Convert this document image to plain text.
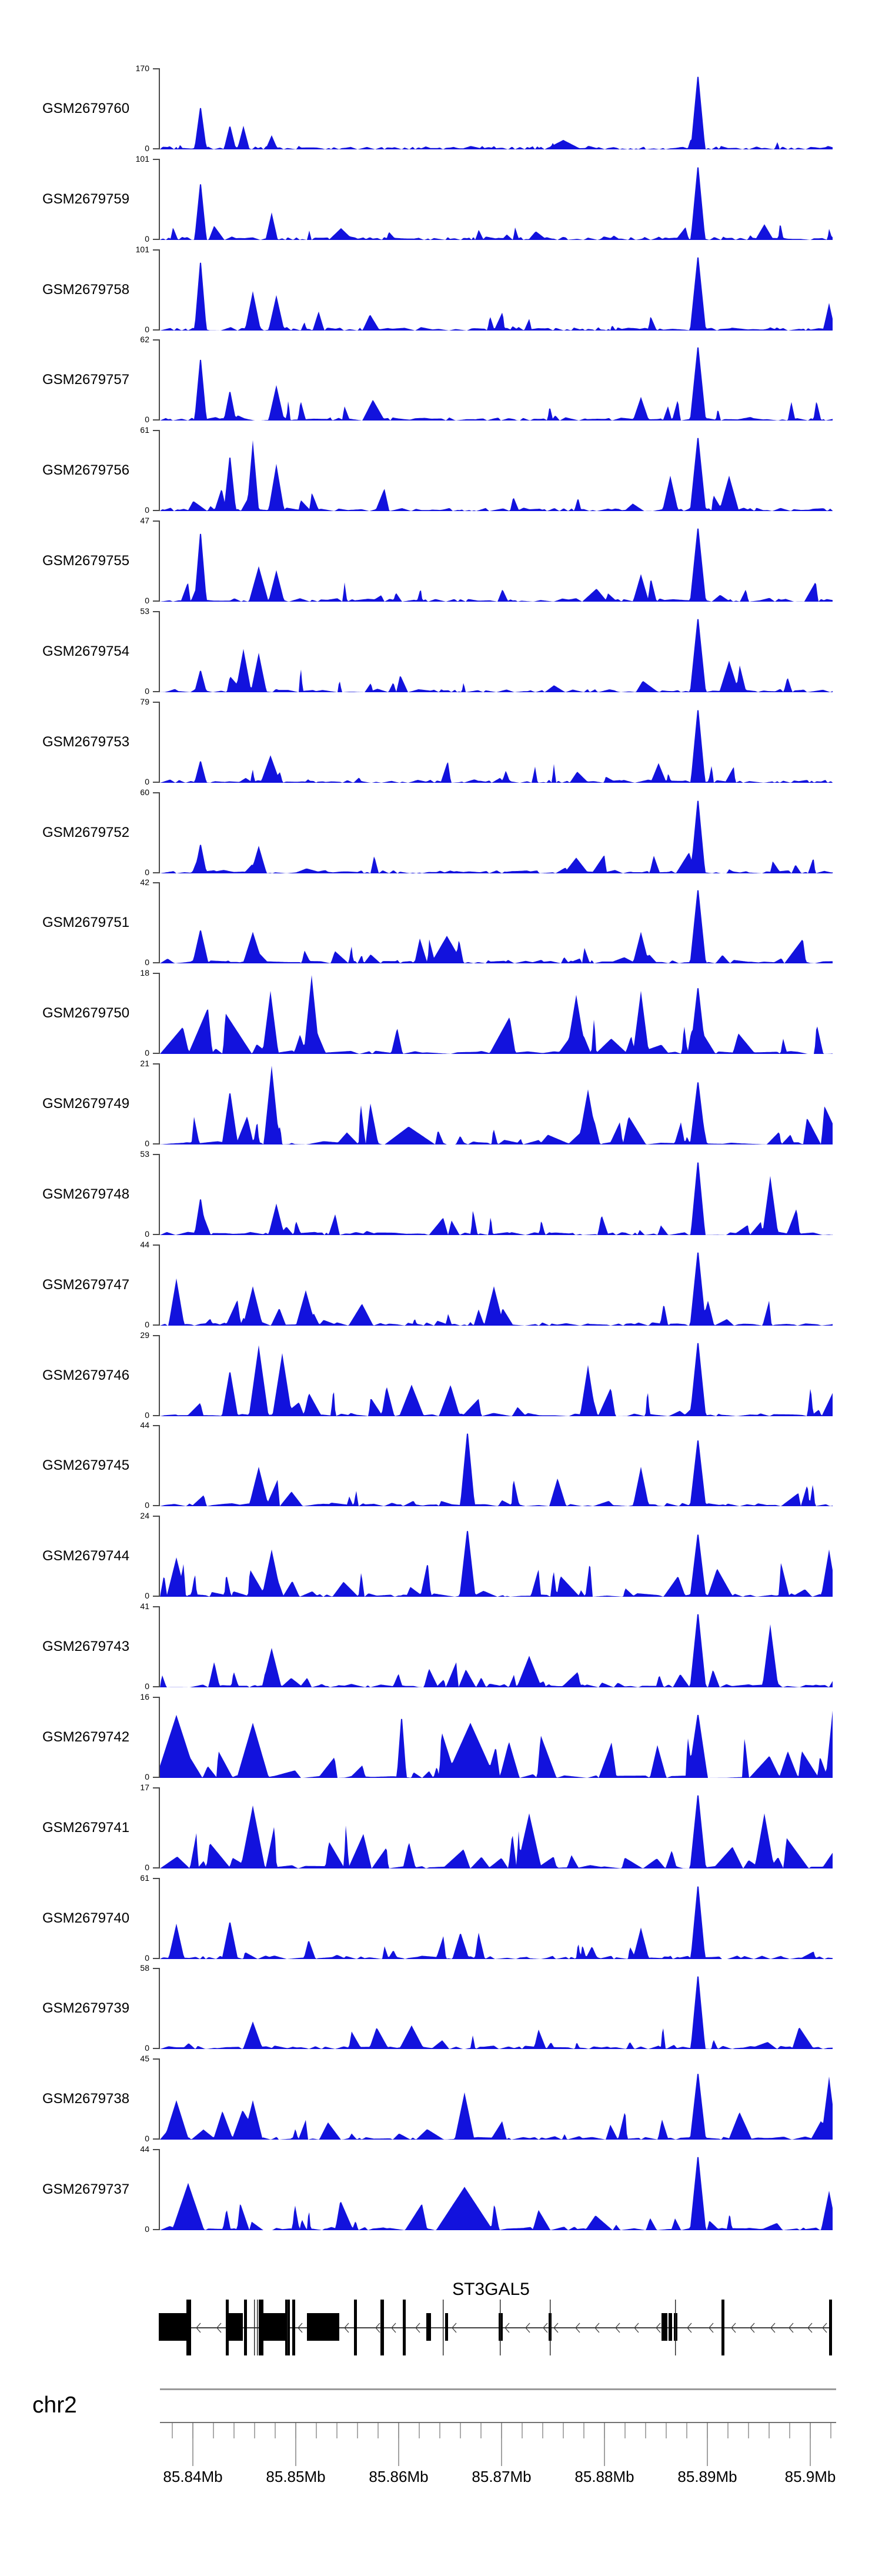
GSM2679760
170
0
GSM2679759
101
0
GSM2679758
101
0
GSM2679757
62
0
GSM2679756
61
0
GSM2679755
47
0
GSM2679754
53
0
GSM2679753
79
0
GSM2679752
60
0
GSM2679751
42
0
GSM2679750
18
0
GSM2679749
21
0
GSM2679748
53
0
GSM2679747
44
0
GSM2679746
29
0
GSM2679745
44
0
GSM2679744
24
0
GSM2679743
41
0
GSM2679742
16
0
GSM2679741
17
0
GSM2679740
61
0
GSM2679739
58
0
GSM2679738
45
0
GSM2679737
44
0
ST3GAL5
chr2
85.84Mb	85.85Mb	85.86Mb	85.87Mb	85.88Mb	85.89Mb	85.9Mb
